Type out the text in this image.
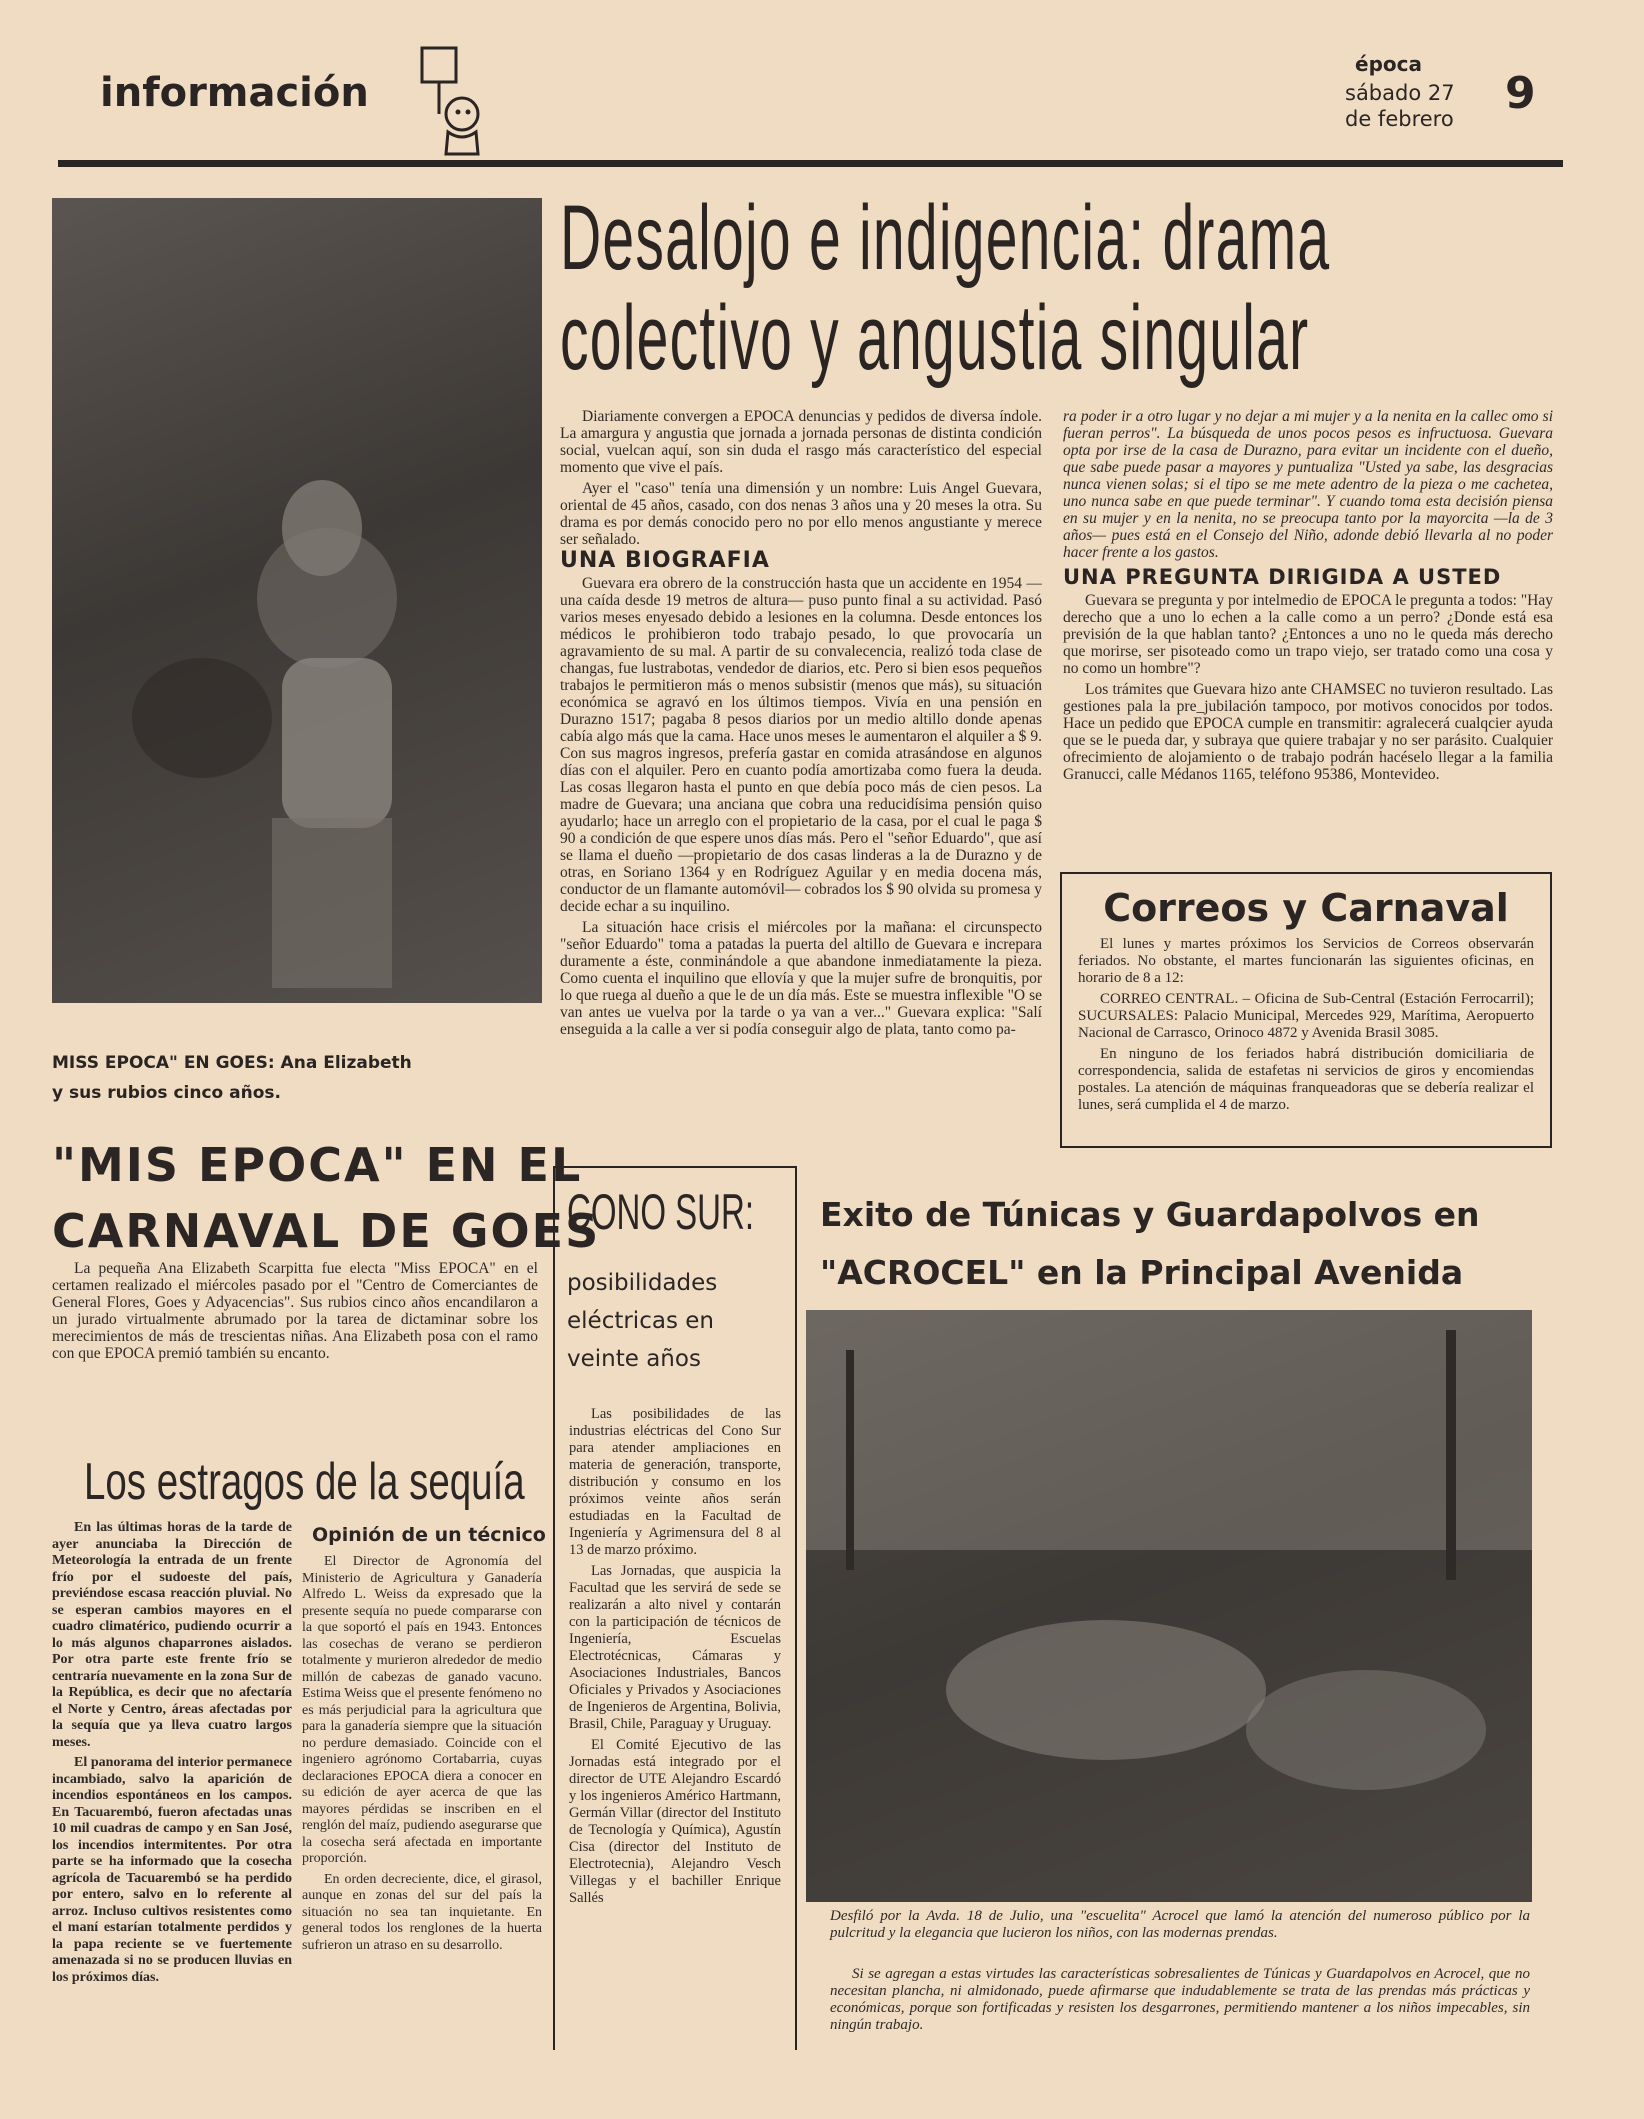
información
época
sábado 27
de febrero 9
MISS EPOCA" EN GOES: Ana Elizabeth
y sus rubios cinco años.
Desalojo e indigencia: drama
colectivo y angustia singular

Diariamente convergen a EPOCA denuncias y pedidos de diversa índole. La amargura y angustia que jornada a jornada personas de distinta condición social, vuelcan aquí, son sin duda el rasgo más característico del especial momento que vive el país.

Ayer el "caso" tenía una dimensión y un nombre: Luis Angel Guevara, oriental de 45 años, casado, con dos nenas 3 años una y 20 meses la otra. Su drama es por demás conocido pero no por ello menos angustiante y merece ser señalado.

UNA BIOGRAFIA

Guevara era obrero de la construcción hasta que un accidente en 1954 —una caída desde 19 metros de altura— puso punto final a su actividad. Pasó varios meses enyesado debido a lesiones en la columna. Desde entonces los médicos le prohibieron todo trabajo pesado, lo que provocaría un agravamiento de su mal. A partir de su convalecencia, realizó toda clase de changas, fue lustrabotas, vendedor de diarios, etc. Pero si bien esos pequeños trabajos le permitieron más o menos subsistir (menos que más), su situación económica se agravó en los últimos tiempos. Vivía en una pensión en Durazno 1517; pagaba 8 pesos diarios por un medio altillo donde apenas cabía algo más que la cama. Hace unos meses le aumentaron el alquiler a $ 9. Con sus magros ingresos, prefería gastar en comida atrasándose en algunos días con el alquiler. Pero en cuanto podía amortizaba como fuera la deuda. Las cosas llegaron hasta el punto en que debía poco más de cien pesos. La madre de Guevara; una anciana que cobra una reducidísima pensión quiso ayudarlo; hace un arreglo con el propietario de la casa, por el cual le paga $ 90 a condición de que espere unos días más. Pero el "señor Eduardo", que así se llama el dueño —propietario de dos casas linderas a la de Durazno y de otras, en Soriano 1364 y en Rodríguez Aguilar y en media docena más, conductor de un flamante automóvil— cobrados los $ 90 olvida su promesa y decide echar a su inquilino.

La situación hace crisis el miércoles por la mañana: el circunspecto "señor Eduardo" toma a patadas la puerta del altillo de Guevara e increpara duramente a éste, conminándole a que abandone inmediatamente la pieza. Como cuenta el inquilino que ellovía y que la mujer sufre de bronquitis, por lo que ruega al dueño a que le de un día más. Este se muestra inflexible "O se van antes ue vuelva por la tarde o ya van a ver..." Guevara explica: "Salí enseguida a la calle a ver si podía conseguir algo de plata, tanto como pa-

ra poder ir a otro lugar y no dejar a mi mujer y a la nenita en la callec omo si fueran perros". La búsqueda de unos pocos pesos es infructuosa. Guevara opta por irse de la casa de Durazno, para evitar un incidente con el dueño, que sabe puede pasar a mayores y puntualiza "Usted ya sabe, las desgracias nunca vienen solas; si el tipo se me mete adentro de la pieza o me cachetea, uno nunca sabe en que puede terminar". Y cuando toma esta decisión piensa en su mujer y en la nenita, no se preocupa tanto por la mayorcita —la de 3 años— pues está en el Consejo del Niño, adonde debió llevarla al no poder hacer frente a los gastos.

UNA PREGUNTA DIRIGIDA A USTED

Guevara se pregunta y por intelmedio de EPOCA le pregunta a todos: "Hay derecho que a uno lo echen a la calle como a un perro? ¿Donde está esa previsión de la que hablan tanto? ¿Entonces a uno no le queda más derecho que morirse, ser pisoteado como un trapo viejo, ser tratado como una cosa y no como un hombre"?

Los trámites que Guevara hizo ante CHAMSEC no tuvieron resultado. Las gestiones pala la pre_jubilación tampoco, por motivos conocidos por todos. Hace un pedido que EPOCA cumple en transmitir: agralecerá cualqcier ayuda que se le pueda dar, y subraya que quiere trabajar y no ser parásito. Cualquier ofrecimiento de alojamiento o de trabajo podrán hacéselo llegar a la familia Granucci, calle Médanos 1165, teléfono 95386, Montevideo.

Correos y Carnaval

El lunes y martes próximos los Servicios de Correos observarán feriados. No obstante, el martes funcionarán las siguientes oficinas, en horario de 8 a 12:

CORREO CENTRAL. – Oficina de Sub-Central (Estación Ferrocarril); SUCURSALES: Palacio Municipal, Mercedes 929, Marítima, Aeropuerto Nacional de Carrasco, Orinoco 4872 y Avenida Brasil 3085.

En ninguno de los feriados habrá distribución domiciliaria de correspondencia, salida de estafetas ni servicios de giros y encomiendas postales. La atención de máquinas franqueadoras que se debería realizar el lunes, será cumplida el 4 de marzo.

"MIS EPOCA" EN EL
CARNAVAL DE GOES

La pequeña Ana Elizabeth Scarpitta fue electa "Miss EPOCA" en el certamen realizado el miércoles pasado por el "Centro de Comerciantes de General Flores, Goes y Adyacencias". Sus rubios cinco años encandilaron a un jurado virtualmente abrumado por la tarea de dictaminar sobre los merecimientos de más de trescientas niñas. Ana Elizabeth posa con el ramo con que EPOCA premió también su encanto.

Los estragos de la sequía

En las últimas horas de la tarde de ayer anunciaba la Dirección de Meteorología la entrada de un frente frío por el sudoeste del país, previéndose escasa reacción pluvial. No se esperan cambios mayores en el cuadro climatérico, pudiendo ocurrir a lo más algunos chaparrones aislados. Por otra parte este frente frío se centraría nuevamente en la zona Sur de la República, es decir que no afectaría el Norte y Centro, áreas afectadas por la sequía que ya lleva cuatro largos meses.

El panorama del interior permanece incambiado, salvo la aparición de incendios espontáneos en los campos. En Tacuarembó, fueron afectadas unas 10 mil cuadras de campo y en San José, los incendios intermitentes. Por otra parte se ha informado que la cosecha agrícola de Tacuarembó se ha perdido por entero, salvo en lo referente al arroz. Incluso cultivos resistentes como el maní estarían totalmente perdidos y la papa reciente se ve fuertemente amenazada si no se producen lluvias en los próximos días.

Opinión de un técnico

El Director de Agronomía del Ministerio de Agricultura y Ganadería Alfredo L. Weiss da expresado que la presente sequía no puede compararse con la que soportó el país en 1943. Entonces las cosechas de verano se perdieron totalmente y murieron alrededor de medio millón de cabezas de ganado vacuno. Estima Weiss que el presente fenómeno no es más perjudicial para la agricultura que para la ganadería siempre que la situación no perdure demasiado. Coincide con el ingeniero agrónomo Cortabarria, cuyas declaraciones EPOCA diera a conocer en su edición de ayer acerca de que las mayores pérdidas se inscriben en el renglón del maíz, pudiendo asegurarse que la cosecha será afectada en importante proporción.

En orden decreciente, dice, el girasol, aunque en zonas del sur del país la situación no sea tan inquietante. En general todos los renglones de la huerta sufrieron un atraso en su desarrollo.

CONO SUR:
posibilidades
eléctricas en
veinte años

Las posibilidades de las industrias eléctricas del Cono Sur para atender ampliaciones en materia de generación, transporte, distribución y consumo en los próximos veinte años serán estudiadas en la Facultad de Ingeniería y Agrimensura del 8 al 13 de marzo próximo.

Las Jornadas, que auspicia la Facultad que les servirá de sede se realizarán a alto nivel y contarán con la participación de técnicos de Ingeniería, Escuelas Electrotécnicas, Cámaras y Asociaciones Industriales, Bancos Oficiales y Privados y Asociaciones de Ingenieros de Argentina, Bolivia, Brasil, Chile, Paraguay y Uruguay.

El Comité Ejecutivo de las Jornadas está integrado por el director de UTE Alejandro Escardó y los ingenieros Américo Hartmann, Germán Villar (director del Instituto de Tecnología y Química), Agustín Cisa (director del Instituto de Electrotecnia), Alejandro Vesch Villegas y el bachiller Enrique Sallés

Exito de Túnicas y Guardapolvos en
"ACROCEL" en la Principal Avenida
Desfiló por la Avda. 18 de Julio, una "escuelita" Acrocel que lamó la atención del numeroso público por la pulcritud y la elegancia que lucieron los niños, con las modernas prendas.

Si se agregan a estas virtudes las características sobresalientes de Túnicas y Guardapolvos en Acrocel, que no necesitan plancha, ni almidonado, puede afirmarse que indudablemente se trata de las prendas más prácticas y económicas, porque son fortificadas y resisten los desgarrones, permitiendo mantener a los niños impecables, sin ningún trabajo.
